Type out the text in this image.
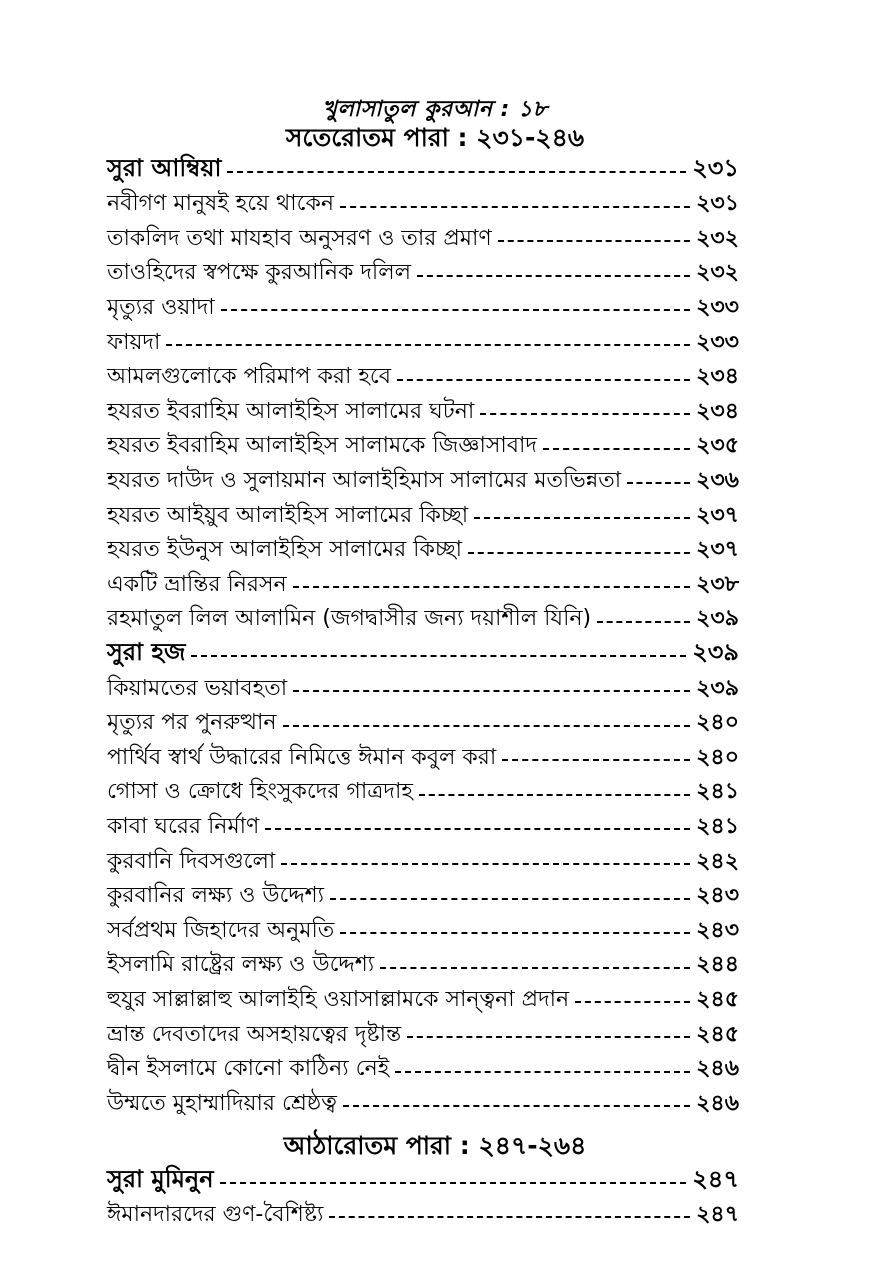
খুলাসাতুল কুরআন : ১৮
সতেরোতম পারা : ২৩১-২৪৬
সুরা আম্বিয়া	২৩১
নবীগণ মানুষই হয়ে থাকেন	২৩১
তাকলিদ তথা মাযহাব অনুসরণ ও তার প্রমাণ	২৩২
তাওহিদের স্বপক্ষে কুরআনিক দলিল	২৩২
মৃত্যুর ওয়াদা	২৩৩
ফায়দা	২৩৩
আমলগুলোকে পরিমাপ করা হবে	২৩৪
হযরত ইবরাহিম আলাইহিস সালামের ঘটনা	২৩৪
হযরত ইবরাহিম আলাইহিস সালামকে জিজ্ঞাসাবাদ	২৩৫
হযরত দাউদ ও সুলায়মান আলাইহিমাস সালামের মতভিন্নতা	২৩৬
হযরত আইয়ুব আলাইহিস সালামের কিচ্ছা	২৩৭
হযরত ইউনুস আলাইহিস সালামের কিচ্ছা	২৩৭
একটি ভ্রান্তির নিরসন	২৩৮
রহমাতুল লিল আলামিন (জগদ্বাসীর জন্য দয়াশীল যিনি)	২৩৯
সুরা হজ	২৩৯
কিয়ামতের ভয়াবহতা	২৩৯
মৃত্যুর পর পুনরুত্থান	২৪০
পার্থিব স্বার্থ উদ্ধারের নিমিত্তে ঈমান কবুল করা	২৪০
গোসা ও ক্রোধে হিংসুকদের গাত্রদাহ	২৪১
কাবা ঘরের নির্মাণ	২৪১
কুরবানি দিবসগুলো	২৪২
কুরবানির লক্ষ্য ও উদ্দেশ্য	২৪৩
সর্বপ্রথম জিহাদের অনুমতি	২৪৩
ইসলামি রাষ্ট্রের লক্ষ্য ও উদ্দেশ্য	২৪৪
হুযুর সাল্লাল্লাহু আলাইহি ওয়াসাল্লামকে সান্ত্বনা প্রদান	২৪৫
ভ্রান্ত দেবতাদের অসহায়ত্বের দৃষ্টান্ত	২৪৫
দ্বীন ইসলামে কোনো কাঠিন্য নেই	২৪৬
উম্মতে মুহাম্মাদিয়ার শ্রেষ্ঠত্ব	২৪৬
আঠারোতম পারা : ২৪৭-২৬৪
সুরা মুমিনুন	২৪৭
ঈমানদারদের গুণ-বৈশিষ্ট্য	২৪৭
